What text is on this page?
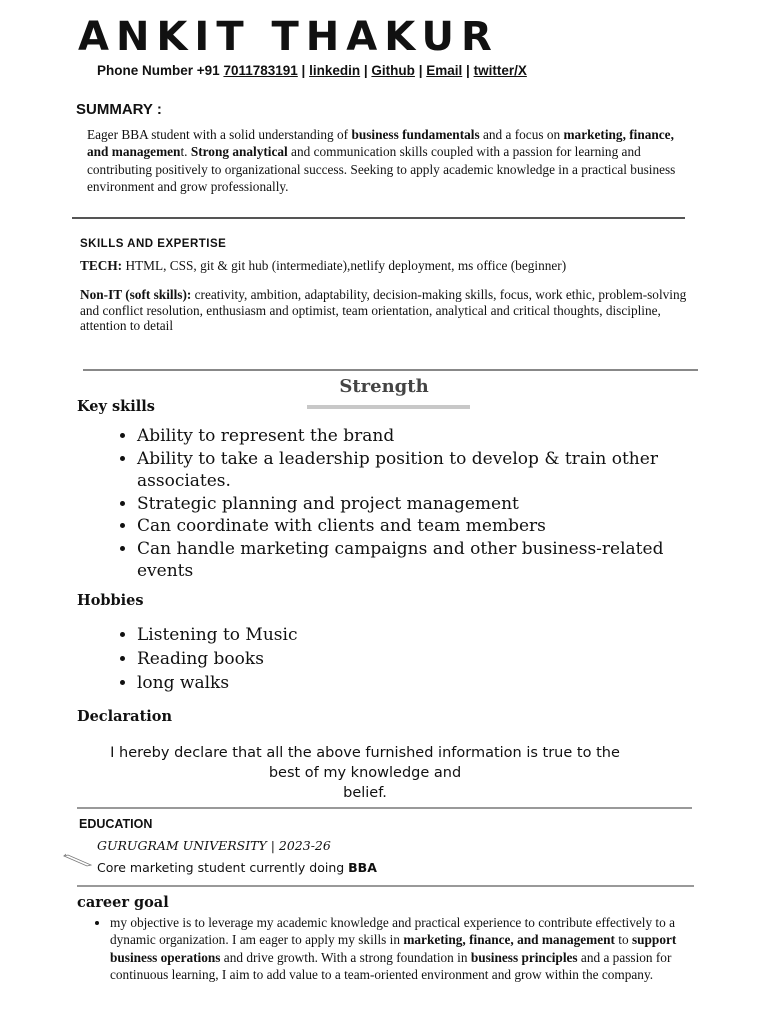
ANKIT THAKUR
Phone Number +91 7011783191 | linkedin | Github | Email | twitter/X
SUMMARY :
Eager BBA student with a solid understanding of business fundamentals and a focus on marketing, finance, and management. Strong analytical and communication skills coupled with a passion for learning and contributing positively to organizational success. Seeking to apply academic knowledge in a practical business environment and grow professionally.
SKILLS AND EXPERTISE
TECH: HTML, CSS, git & git hub (intermediate),netlify deployment, ms office (beginner)
Non-IT (soft skills): creativity, ambition, adaptability, decision-making skills, focus, work ethic, problem-solving and conflict resolution, enthusiasm and optimist, team orientation, analytical and critical thoughts, discipline, attention to detail
Strength
Key skills
• Ability to represent the brand
• Ability to take a leadership position to develop & train other associates.
• Strategic planning and project management
• Can coordinate with clients and team members
• Can handle marketing campaigns and other business-related events
Hobbies
• Listening to Music
• Reading books
• long walks
Declaration
I hereby declare that all the above furnished information is true to the
best of my knowledge and
belief.
EDUCATION
GURUGRAM UNIVERSITY | 2023-26
Core marketing student currently doing BBA
career goal
• my objective is to leverage my academic knowledge and practical experience to contribute effectively to a dynamic organization. I am eager to apply my skills in marketing, finance, and management to support business operations and drive growth. With a strong foundation in business principles and a passion for continuous learning, I aim to add value to a team-oriented environment and grow within the company.
